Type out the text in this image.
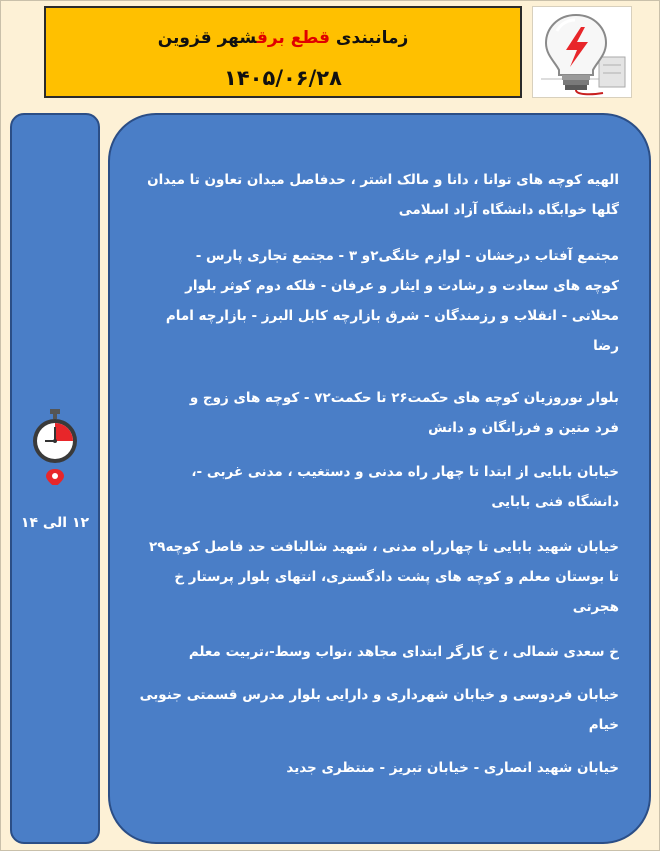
زمانبندی قطع برقشهر قزوین
۱۴۰۵/۰۶/۲۸
۱۲ الی ۱۴
الهیه کوچه های توانا ، دانا و مالک اشتر ، حدفاصل میدان تعاون تا میدان
گلها خوابگاه دانشگاه آزاد اسلامی
مجتمع آفتاب درخشان - لوازم خانگی۲و ۳ - مجتمع تجاری پارس -
کوچه های سعادت و رشادت و ایثار و عرفان - فلکه دوم کوثر بلوار
محلاتی - انقلاب و رزمندگان - شرق بازارچه کابل البرز - بازارچه امام
رضا
بلوار نوروزیان کوچه های حکمت۲۶ تا حکمت۷۲ - کوچه های زوج و
فرد متین و فرزانگان و دانش
خیابان بابایی از ابتدا تا چهار راه مدنی و دستغیب ، مدنی غربی -،
دانشگاه فنی بابایی
خیابان شهید بابایی تا چهارراه مدنی ، شهید شالبافت حد فاصل کوچه۲۹
تا بوستان معلم و کوچه های پشت دادگستری، انتهای بلوار پرستار خ
هجرتی
خ سعدی شمالی ، خ کارگر ابتدای مجاهد ،نواب وسط-،تربیت معلم
خیابان فردوسی و خیابان شهرداری و دارایی بلوار مدرس قسمتی جنوبی
خیام
خیابان شهید انصاری - خیابان تبریز - منتظری جدید
